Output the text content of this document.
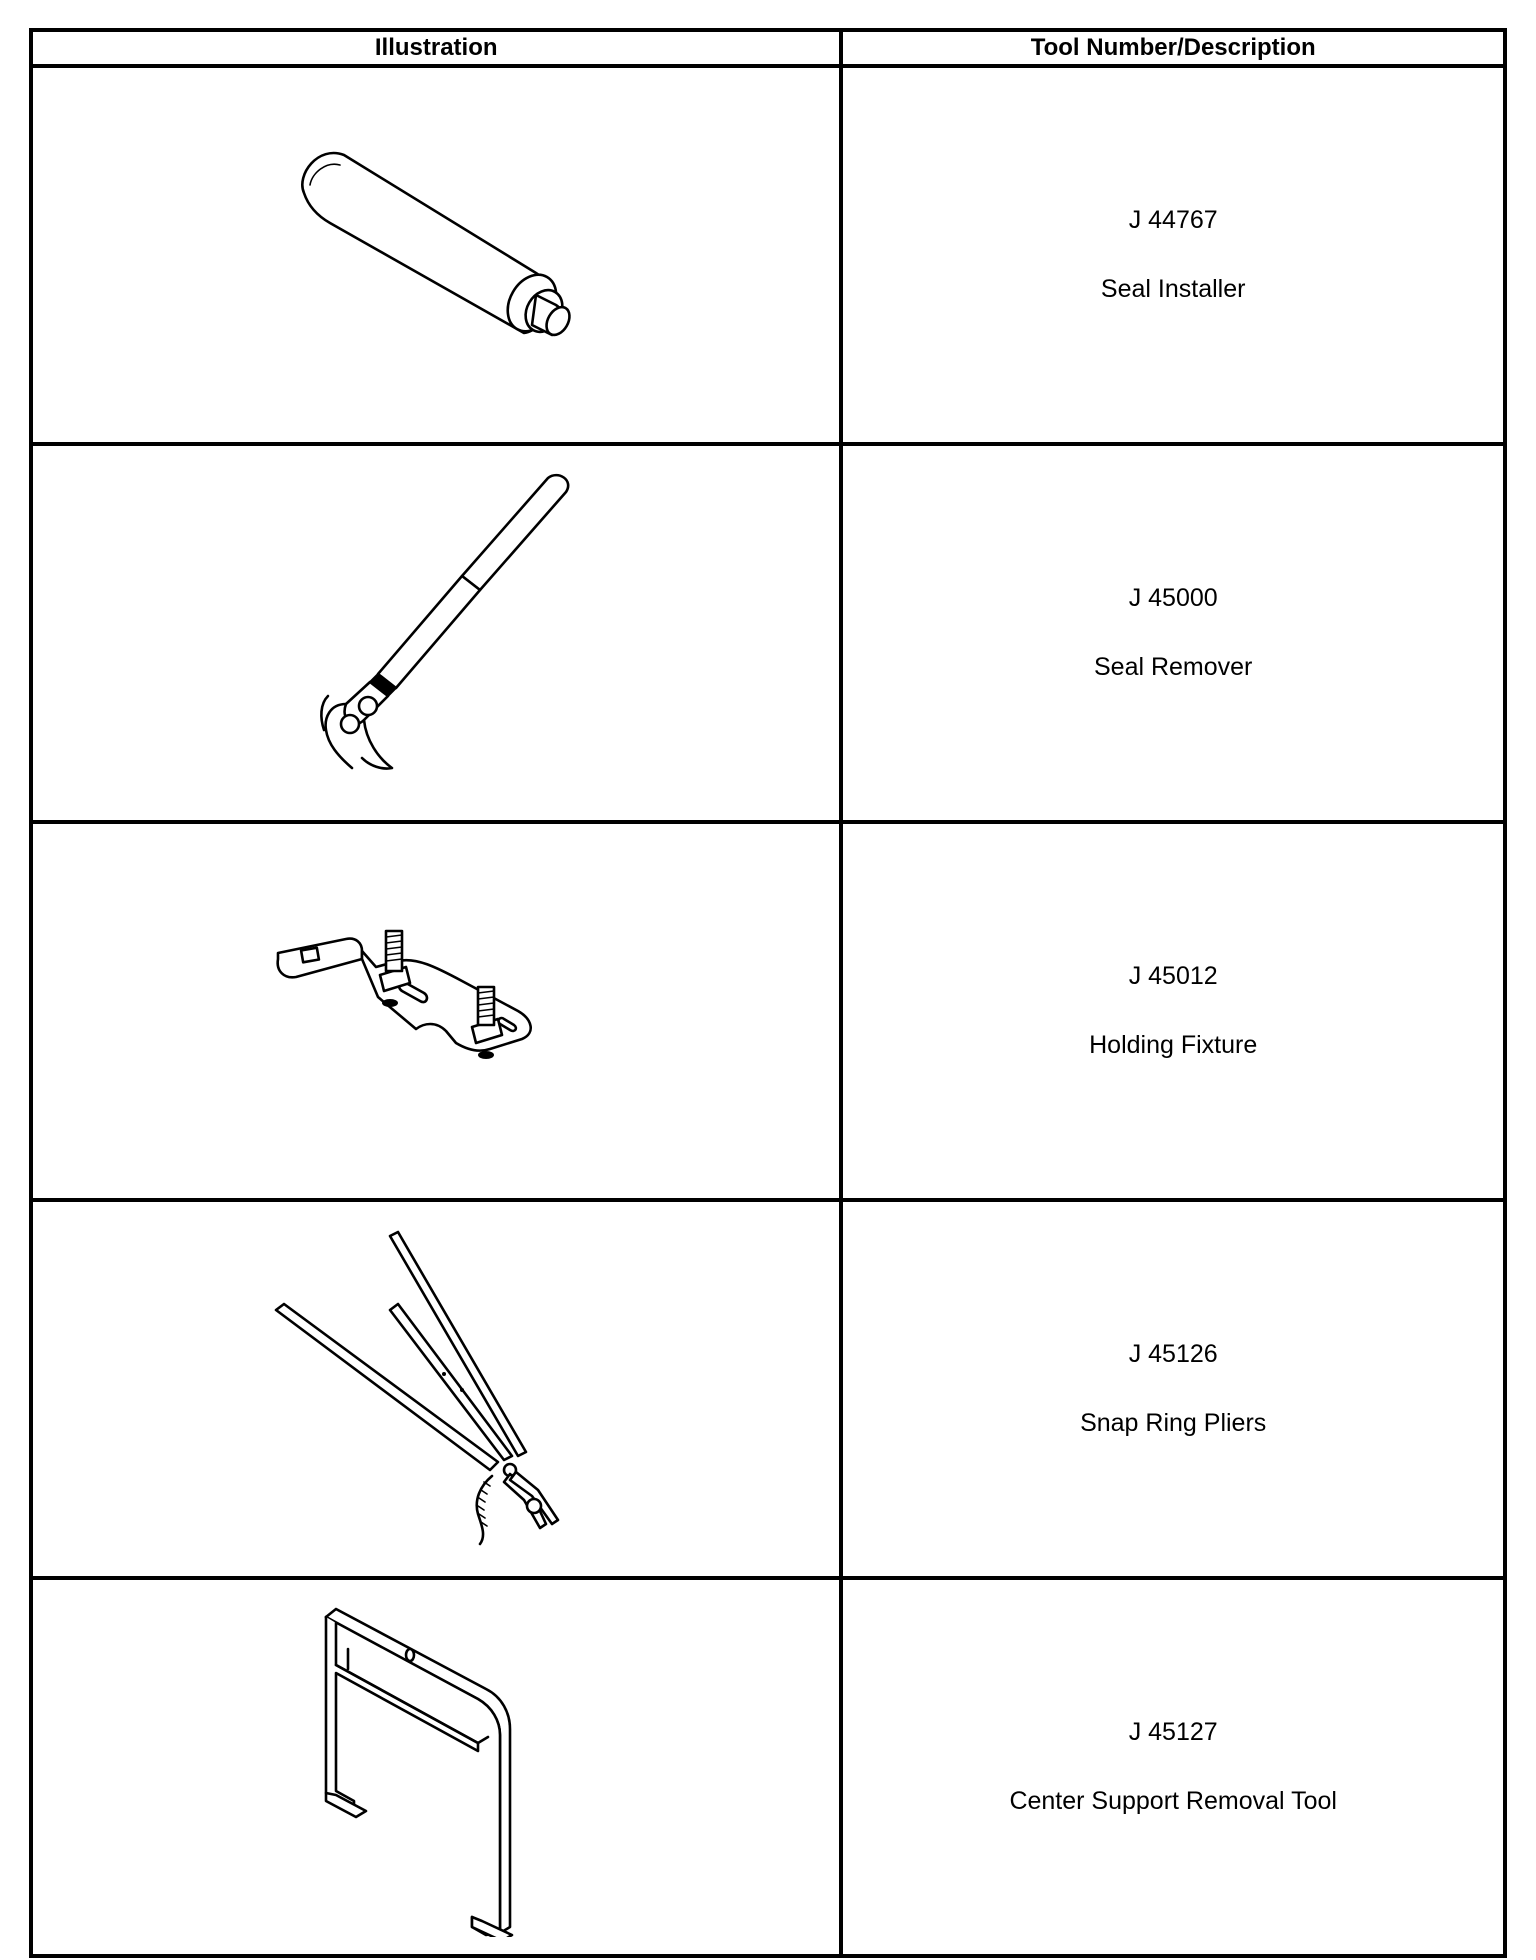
Illustration	Tool Number/Description

J 44767
Seal Installer

J 45000
Seal Remover

J 45012
Holding Fixture

J 45126
Snap Ring Pliers

J 45127
Center Support Removal Tool
